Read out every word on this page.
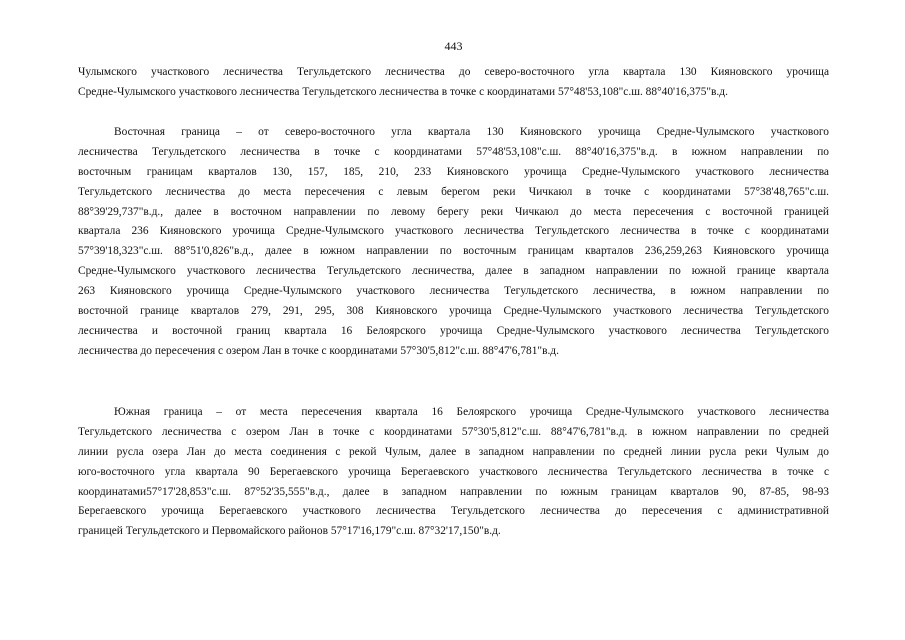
443
Чулымского участкового лесничества Тегульдетского лесничества до северо-восточного угла квартала 130 Кияновского урочища
Средне-Чулымского участкового лесничества Тегульдетского лесничества в точке с координатами 57°48'53,108"с.ш. 88°40'16,375"в.д.
Восточная граница – от северо-восточного угла квартала 130 Кияновского урочища Средне-Чулымского участкового
лесничества Тегульдетского лесничества в точке с координатами 57°48'53,108"с.ш. 88°40'16,375"в.д. в южном направлении по
восточным границам кварталов 130, 157, 185, 210, 233 Кияновского урочища Средне-Чулымского участкового лесничества
Тегульдетского лесничества до места пересечения с левым берегом реки Чичкаюл в точке с координатами 57°38'48,765"с.ш.
88°39'29,737"в.д., далее в восточном направлении по левому берегу реки Чичкаюл до места пересечения с восточной границей
квартала 236 Кияновского урочища Средне-Чулымского участкового лесничества Тегульдетского лесничества в точке с координатами
57°39'18,323"с.ш. 88°51'0,826"в.д., далее в южном направлении по восточным границам кварталов 236,259,263 Кияновского урочища
Средне-Чулымского участкового лесничества Тегульдетского лесничества, далее в западном направлении по южной границе квартала
263 Кияновского урочища Средне-Чулымского участкового лесничества Тегульдетского лесничества, в южном направлении по
восточной границе кварталов 279, 291, 295, 308 Кияновского урочища Средне-Чулымского участкового лесничества Тегульдетского
лесничества и восточной границ квартала 16 Белоярского урочища Средне-Чулымского участкового лесничества Тегульдетского
лесничества до пересечения с озером Лан в точке с координатами 57°30'5,812"с.ш. 88°47'6,781"в.д.
Южная граница – от места пересечения квартала 16 Белоярского урочища Средне-Чулымского участкового лесничества
Тегульдетского лесничества с озером Лан в точке с координатами 57°30'5,812"с.ш. 88°47'6,781"в.д. в южном направлении по средней
линии русла озера Лан до места соединения с рекой Чулым, далее в западном направлении по средней линии русла реки Чулым до
юго-восточного угла квартала 90 Берегаевского урочища Берегаевского участкового лесничества Тегульдетского лесничества в точке с
координатами57°17'28,853"с.ш. 87°52'35,555"в.д., далее в западном направлении по южным границам кварталов 90, 87-85, 98-93
Берегаевского урочища Берегаевского участкового лесничества Тегульдетского лесничества до пересечения с административной
границей Тегульдетского и Первомайского районов 57°17'16,179"с.ш. 87°32'17,150"в.д.
